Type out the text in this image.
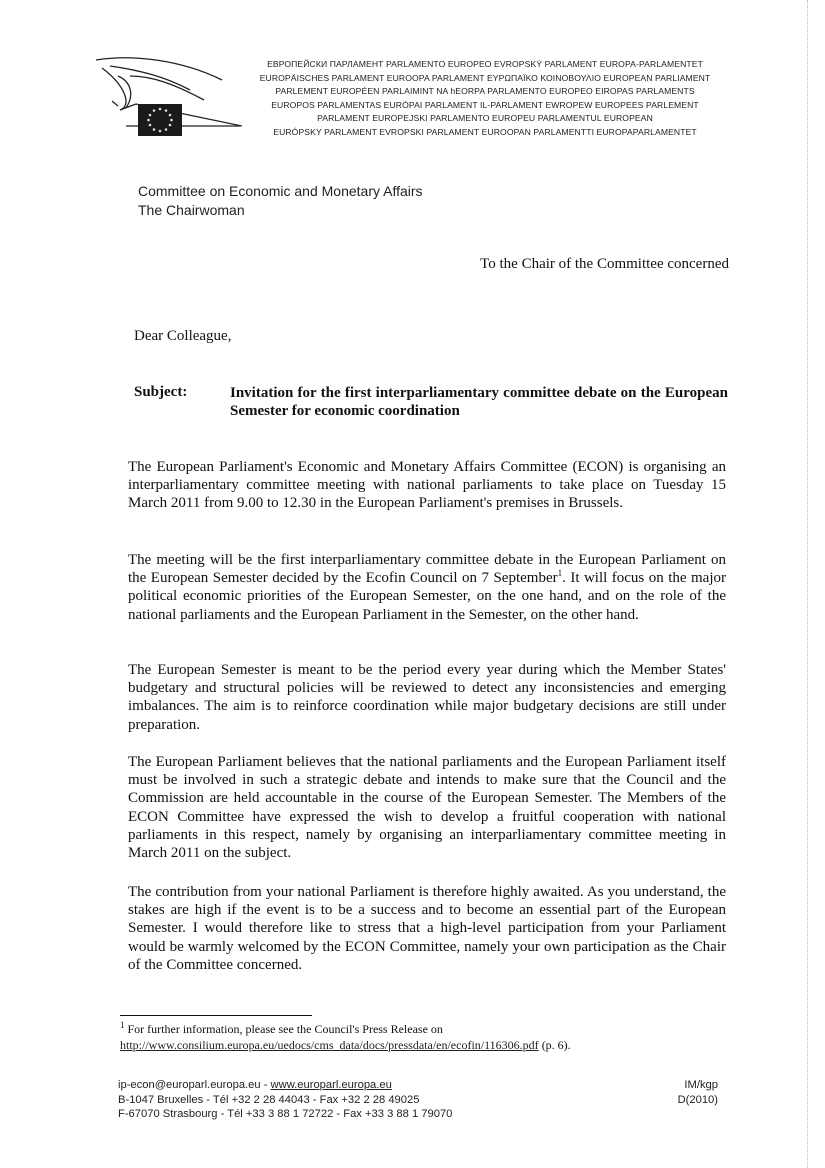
ЕВРОПЕЙСКИ ПАРЛАМЕНТ PARLAMENTO EUROPEO EVROPSKÝ PARLAMENT EUROPA-PARLAMENTET
EUROPÄISCHES PARLAMENT EUROOPA PARLAMENT ΕΥΡΩΠΑΪΚΟ ΚΟΙΝΟΒΟΥΛΙΟ EUROPEAN PARLIAMENT
PARLEMENT EUROPÉEN PARLAIMINT NA hEORPA PARLAMENTO EUROPEO EIROPAS PARLAMENTS
EUROPOS PARLAMENTAS EURÓPAI PARLAMENT IL-PARLAMENT EWROPEW EUROPEES PARLEMENT
PARLAMENT EUROPEJSKI PARLAMENTO EUROPEU PARLAMENTUL EUROPEAN
EURÓPSKY PARLAMENT EVROPSKI PARLAMENT EUROOPAN PARLAMENTTI EUROPAPARLAMENTET
Committee on Economic and Monetary Affairs
The Chairwoman
To the Chair of the Committee concerned
Dear Colleague,
Subject:	Invitation for the first interparliamentary committee debate on the European Semester for economic coordination
The European Parliament's Economic and Monetary Affairs Committee (ECON) is organising an interparliamentary committee meeting with national parliaments to take place on Tuesday 15 March 2011 from 9.00 to 12.30 in the European Parliament's premises in Brussels.
The meeting will be the first interparliamentary committee debate in the European Parliament on the European Semester decided by the Ecofin Council on 7 September$^1$. It will focus on the major political economic priorities of the European Semester, on the one hand, and on the role of the national parliaments and the European Parliament in the Semester, on the other hand.
The European Semester is meant to be the period every year during which the Member States' budgetary and structural policies will be reviewed to detect any inconsistencies and emerging imbalances. The aim is to reinforce coordination while major budgetary decisions are still under preparation.
The European Parliament believes that the national parliaments and the European Parliament itself must be involved in such a strategic debate and intends to make sure that the Council and the Commission are held accountable in the course of the European Semester. The Members of the ECON Committee have expressed the wish to develop a fruitful cooperation with national parliaments in this respect, namely by organising an interparliamentary committee meeting in March 2011 on the subject.
The contribution from your national Parliament is therefore highly awaited. As you understand, the stakes are high if the event is to be a success and to become an essential part of the European Semester. I would therefore like to stress that a high-level participation from your Parliament would be warmly welcomed by the ECON Committee, namely your own participation as the Chair of the Committee concerned.
$^1$ For further information, please see the Council's Press Release on
http://www.consilium.europa.eu/uedocs/cms_data/docs/pressdata/en/ecofin/116306.pdf (p. 6).
ip-econ@europarl.europa.eu - www.europarl.europa.eu
B-1047 Bruxelles - Tél +32 2 28 44043 - Fax +32 2 28 49025
F-67070 Strasbourg - Tél +33 3 88 1 72722 - Fax +33 3 88 1 79070
IM/kgp
D(2010)
